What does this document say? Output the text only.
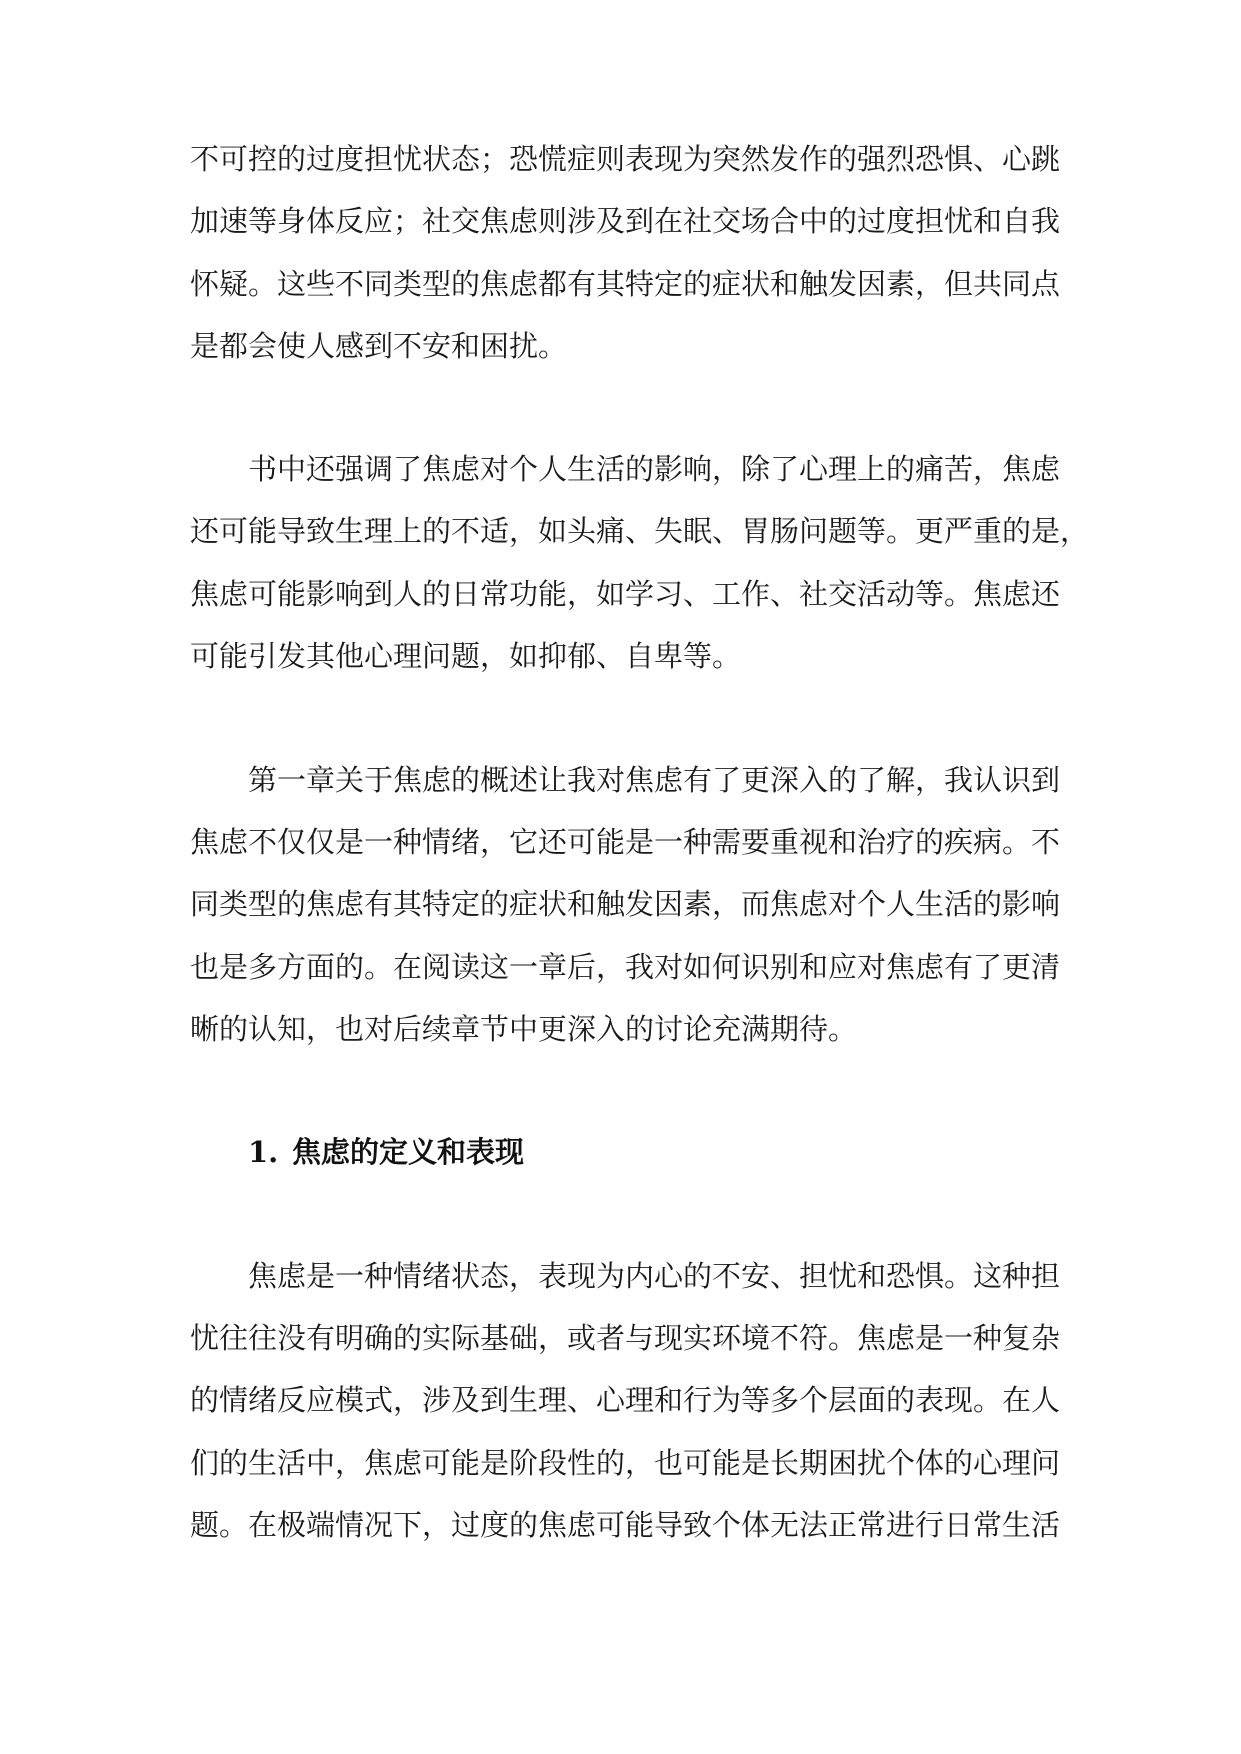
不可控的过度担忧状态；恐慌症则表现为突然发作的强烈恐惧、心跳
加速等身体反应；社交焦虑则涉及到在社交场合中的过度担忧和自我
怀疑。这些不同类型的焦虑都有其特定的症状和触发因素，但共同点
是都会使人感到不安和困扰。
书中还强调了焦虑对个人生活的影响，除了心理上的痛苦，焦虑
还可能导致生理上的不适，如头痛、失眠、胃肠问题等。更严重的是，
焦虑可能影响到人的日常功能，如学习、工作、社交活动等。焦虑还
可能引发其他心理问题，如抑郁、自卑等。
第一章关于焦虑的概述让我对焦虑有了更深入的了解，我认识到
焦虑不仅仅是一种情绪，它还可能是一种需要重视和治疗的疾病。不
同类型的焦虑有其特定的症状和触发因素，而焦虑对个人生活的影响
也是多方面的。在阅读这一章后，我对如何识别和应对焦虑有了更清
晰的认知，也对后续章节中更深入的讨论充满期待。
1. 焦虑的定义和表现
焦虑是一种情绪状态，表现为内心的不安、担忧和恐惧。这种担
忧往往没有明确的实际基础，或者与现实环境不符。焦虑是一种复杂
的情绪反应模式，涉及到生理、心理和行为等多个层面的表现。在人
们的生活中，焦虑可能是阶段性的，也可能是长期困扰个体的心理问
题。在极端情况下，过度的焦虑可能导致个体无法正常进行日常生活
